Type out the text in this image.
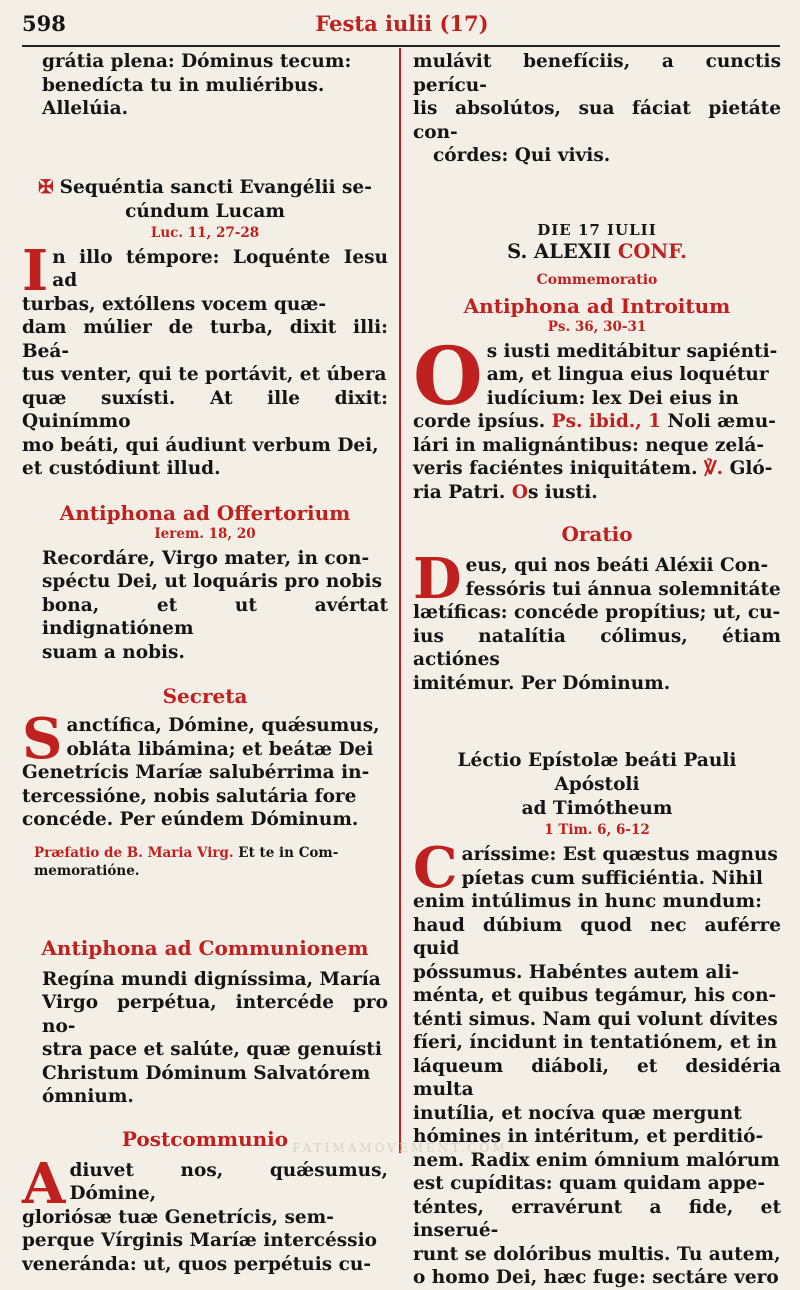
598	Festa iulii (17)

grátia plena: Dóminus tecum:

benedícta tu in muliéribus.

Allelúia.

✠ Sequéntia sancti Evangélii se-

cúndum Lucam

Luc. 11, 27-28

I n illo témpore: Loquénte Iesu ad

turbas, extóllens vocem quæ-

dam múlier de turba, dixit illi: Beá-

tus venter, qui te portávit, et úbera

quæ suxísti. At ille dixit: Quinímmo

mo beáti, qui áudiunt verbum Dei,

et custódiunt illud.

Antiphona ad Offertorium

Ierem. 18, 20

Recordáre, Virgo mater, in con-

spéctu Dei, ut loquáris pro nobis

bona, et ut avértat indignatiónem

suam a nobis.

Secreta

S anctífica, Dómine, quǽsumus,

obláta libámina; et beátæ Dei

Genetrícis Maríæ salubérrima in-

tercessióne, nobis salutária fore

concéde. Per eúndem Dóminum.

Præfatio de B. Maria Virg. Et te in Com-

memoratióne.

Antiphona ad Communionem

Regína mundi digníssima, María

Virgo perpétua, intercéde pro no-

stra pace et salúte, quæ genuísti

Christum Dóminum Salvatórem

ómnium.

Postcommunio

A diuvet nos, quǽsumus, Dómine,

gloriósæ tuæ Genetrícis, sem-

perque Vírginis Maríæ intercéssio

veneránda: ut, quos perpétuis cu-

mulávit benefíciis, a cunctis perícu-

lis absolútos, sua fáciat pietáte con-

córdes: Qui vivis.

DIE 17 IULII

S. ALEXII CONF.

Commemoratio

Antiphona ad Introitum

Ps. 36, 30-31

O s iusti meditábitur sapiénti-

am, et lingua eius loquétur

iudícium: lex Dei eius in

corde ipsíus. Ps. ibid., 1 Noli æmu-

lári in malignántibus: neque zelá-

veris faciéntes iniquitátem. ℣. Gló-

ria Patri. Os iusti.

Oratio

D eus, qui nos beáti Aléxii Con-

fessóris tui ánnua solemnitáte

lætíficas: concéde propítius; ut, cu-

ius natalítia cólimus, étiam actiónes

imitémur. Per Dóminum.

Léctio Epístolæ beáti Pauli Apóstoli

ad Timótheum

1 Tim. 6, 6-12

C aríssime: Est quæstus magnus

píetas cum sufficiéntia. Nihil

enim intúlimus in hunc mundum:

haud dúbium quod nec auférre quid

póssumus. Habéntes autem ali-

ménta, et quibus tegámur, his con-

ténti simus. Nam qui volunt dívites

fíeri, íncidunt in tentatiónem, et in

láqueum diáboli, et desidéria multa

inutília, et nocíva quæ mergunt

hómines in intéritum, et perditió-

nem. Radix enim ómnium malórum

est cupíditas: quam quidam appe-

téntes, erravérunt a fide, et inserué-

runt se dolóribus multis. Tu autem,

o homo Dei, hæc fuge: sectáre vero

FATIMAMOVEMENT.COM
